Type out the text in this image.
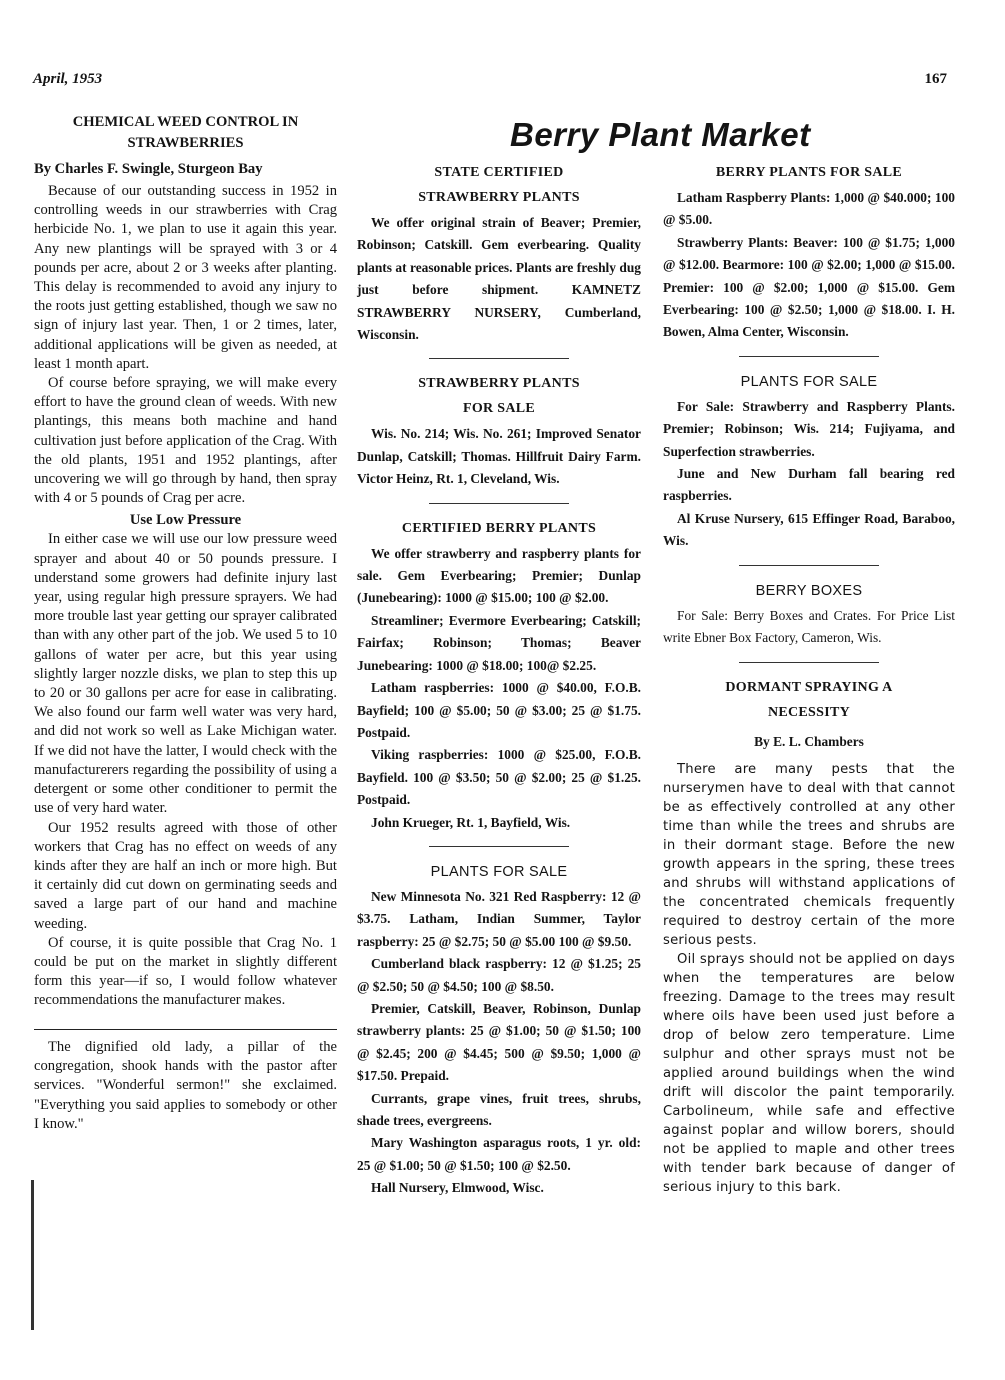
April, 1953	167
Berry Plant Market
CHEMICAL WEED CONTROL IN
STRAWBERRIES
By Charles F. Swingle, Sturgeon Bay

Because of our outstanding success in 1952 in controlling weeds in our strawberries with Crag herbicide No. 1, we plan to use it again this year. Any new plantings will be sprayed with 3 or 4 pounds per acre, about 2 or 3 weeks after planting. This delay is recommended to avoid any injury to the roots just getting established, though we saw no sign of injury last year. Then, 1 or 2 times, later, additional applications will be given as needed, at least 1 month apart.

Of course before spraying, we will make every effort to have the ground clean of weeds. With new plantings, this means both machine and hand cultivation just before application of the Crag. With the old plants, 1951 and 1952 plantings, after uncovering we will go through by hand, then spray with 4 or 5 pounds of Crag per acre.

Use Low Pressure

In either case we will use our low pressure weed sprayer and about 40 or 50 pounds pressure. I understand some growers had definite injury last year, using regular high pressure sprayers. We had more trouble last year getting our sprayer calibrated than with any other part of the job. We used 5 to 10 gallons of water per acre, but this year using slightly larger nozzle disks, we plan to step this up to 20 or 30 gallons per acre for ease in calibrating. We also found our farm well water was very hard, and did not work so well as Lake Michigan water. If we did not have the latter, I would check with the manufacturerers regarding the possibility of using a detergent or some other conditioner to permit the use of very hard water.

Our 1952 results agreed with those of other workers that Crag has no effect on weeds of any kinds after they are half an inch or more high. But it certainly did cut down on germinating seeds and saved a large part of our hand and machine weeding.

Of course, it is quite possible that Crag No. 1 could be put on the market in slightly different form this year—if so, I would follow whatever recommendations the manufacturer makes.

The dignified old lady, a pillar of the congregation, shook hands with the pastor after services. "Wonderful sermon!" she exclaimed. "Everything you said applies to somebody or other I know."

STATE CERTIFIED
STRAWBERRY PLANTS

We offer original strain of Beaver; Premier, Robinson; Catskill. Gem everbearing. Quality plants at reasonable prices. Plants are freshly dug just before shipment. KAMNETZ STRAWBERRY NURSERY, Cumberland, Wisconsin.

STRAWBERRY PLANTS
FOR SALE

Wis. No. 214; Wis. No. 261; Improved Senator Dunlap, Catskill; Thomas. Hillfruit Dairy Farm. Victor Heinz, Rt. 1, Cleveland, Wis.

CERTIFIED BERRY PLANTS

We offer strawberry and raspberry plants for sale. Gem Everbearing; Premier; Dunlap (Junebearing): 1000 @ $15.00; 100 @ $2.00.

Streamliner; Evermore Everbearing; Catskill; Fairfax; Robinson; Thomas; Beaver Junebearing: 1000 @ $18.00; 100@ $2.25.

Latham raspberries: 1000 @ $40.00, F.O.B. Bayfield; 100 @ $5.00; 50 @ $3.00; 25 @ $1.75. Postpaid.

Viking raspberries: 1000 @ $25.00, F.O.B. Bayfield. 100 @ $3.50; 50 @ $2.00; 25 @ $1.25. Postpaid.

John Krueger, Rt. 1, Bayfield, Wis.

PLANTS FOR SALE

New Minnesota No. 321 Red Raspberry: 12 @ $3.75. Latham, Indian Summer, Taylor raspberry: 25 @ $2.75; 50 @ $5.00 100 @ $9.50.

Cumberland black raspberry: 12 @ $1.25; 25 @ $2.50; 50 @ $4.50; 100 @ $8.50.

Premier, Catskill, Beaver, Robinson, Dunlap strawberry plants: 25 @ $1.00; 50 @ $1.50; 100 @ $2.45; 200 @ $4.45; 500 @ $9.50; 1,000 @ $17.50. Prepaid.

Currants, grape vines, fruit trees, shrubs, shade trees, evergreens.

Mary Washington asparagus roots, 1 yr. old: 25 @ $1.00; 50 @ $1.50; 100 @ $2.50.

Hall Nursery, Elmwood, Wisc.

BERRY PLANTS FOR SALE

Latham Raspberry Plants: 1,000 @ $40.000; 100 @ $5.00.

Strawberry Plants: Beaver: 100 @ $1.75; 1,000 @ $12.00. Bearmore: 100 @ $2.00; 1,000 @ $15.00. Premier: 100 @ $2.00; 1,000 @ $15.00. Gem Everbearing: 100 @ $2.50; 1,000 @ $18.00. I. H. Bowen, Alma Center, Wisconsin.

PLANTS FOR SALE

For Sale: Strawberry and Raspberry Plants. Premier; Robinson; Wis. 214; Fujiyama, and Superfection strawberries.

June and New Durham fall bearing red raspberries.

Al Kruse Nursery, 615 Effinger Road, Baraboo, Wis.

BERRY BOXES

For Sale: Berry Boxes and Crates. For Price List write Ebner Box Factory, Cameron, Wis.

DORMANT SPRAYING A
NECESSITY
By E. L. Chambers

There are many pests that the nurserymen have to deal with that cannot be as effectively controlled at any other time than while the trees and shrubs are in their dormant stage. Before the new growth appears in the spring, these trees and shrubs will withstand applications of the concentrated chemicals frequently required to destroy certain of the more serious pests.

Oil sprays should not be applied on days when the temperatures are below freezing. Damage to the trees may result where oils have been used just before a drop of below zero temperature. Lime sulphur and other sprays must not be applied around buildings when the wind drift will discolor the paint temporarily. Carbolineum, while safe and effective against poplar and willow borers, should not be applied to maple and other trees with tender bark because of danger of serious injury to this bark.
